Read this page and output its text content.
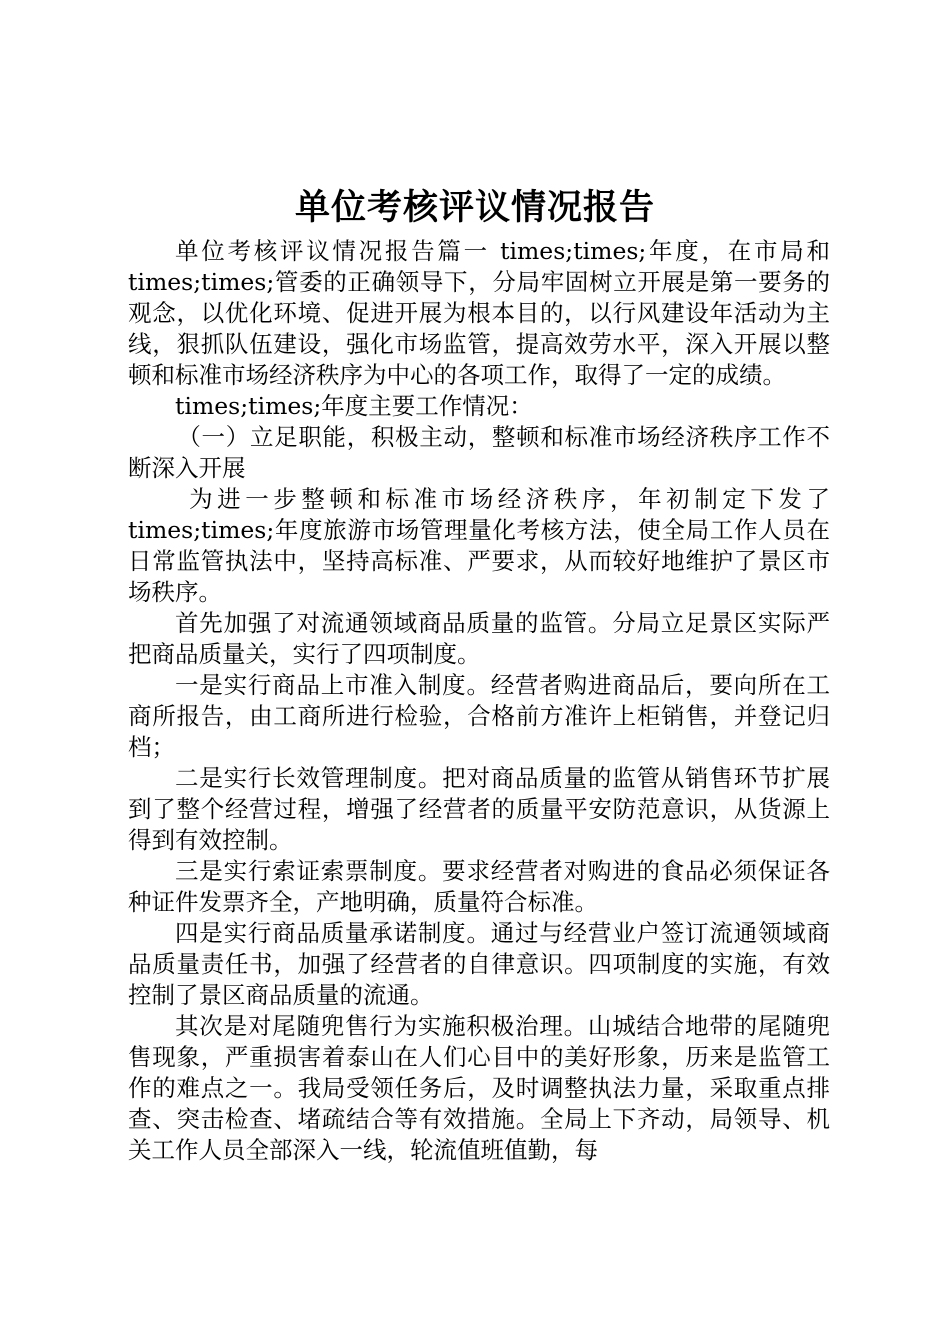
单位考核评议情况报告

单位考核评议情况报告篇一 times;times;年度，在市局和times;times;管委的正确领导下，分局牢固树立开展是第一要务的观念，以优化环境、促进开展为根本目的，以行风建设年活动为主线，狠抓队伍建设，强化市场监管，提高效劳水平，深入开展以整顿和标准市场经济秩序为中心的各项工作，取得了一定的成绩。

times;times;年度主要工作情况：

（一）立足职能，积极主动，整顿和标准市场经济秩序工作不断深入开展

为进一步整顿和标准市场经济秩序，年初制定下发了times;times;年度旅游市场管理量化考核方法，使全局工作人员在日常监管执法中，坚持高标准、严要求，从而较好地维护了景区市场秩序。

首先加强了对流通领域商品质量的监管。分局立足景区实际严把商品质量关，实行了四项制度。

一是实行商品上市准入制度。经营者购进商品后，要向所在工商所报告，由工商所进行检验，合格前方准许上柜销售，并登记归档；

二是实行长效管理制度。把对商品质量的监管从销售环节扩展到了整个经营过程，增强了经营者的质量平安防范意识，从货源上得到有效控制。

三是实行索证索票制度。要求经营者对购进的食品必须保证各种证件发票齐全，产地明确，质量符合标准。

四是实行商品质量承诺制度。通过与经营业户签订流通领域商品质量责任书，加强了经营者的自律意识。四项制度的实施，有效控制了景区商品质量的流通。

其次是对尾随兜售行为实施积极治理。山城结合地带的尾随兜售现象，严重损害着泰山在人们心目中的美好形象，历来是监管工作的难点之一。我局受领任务后，及时调整执法力量，采取重点排查、突击检查、堵疏结合等有效措施。全局上下齐动，局领导、机关工作人员全部深入一线，轮流值班值勤，每
